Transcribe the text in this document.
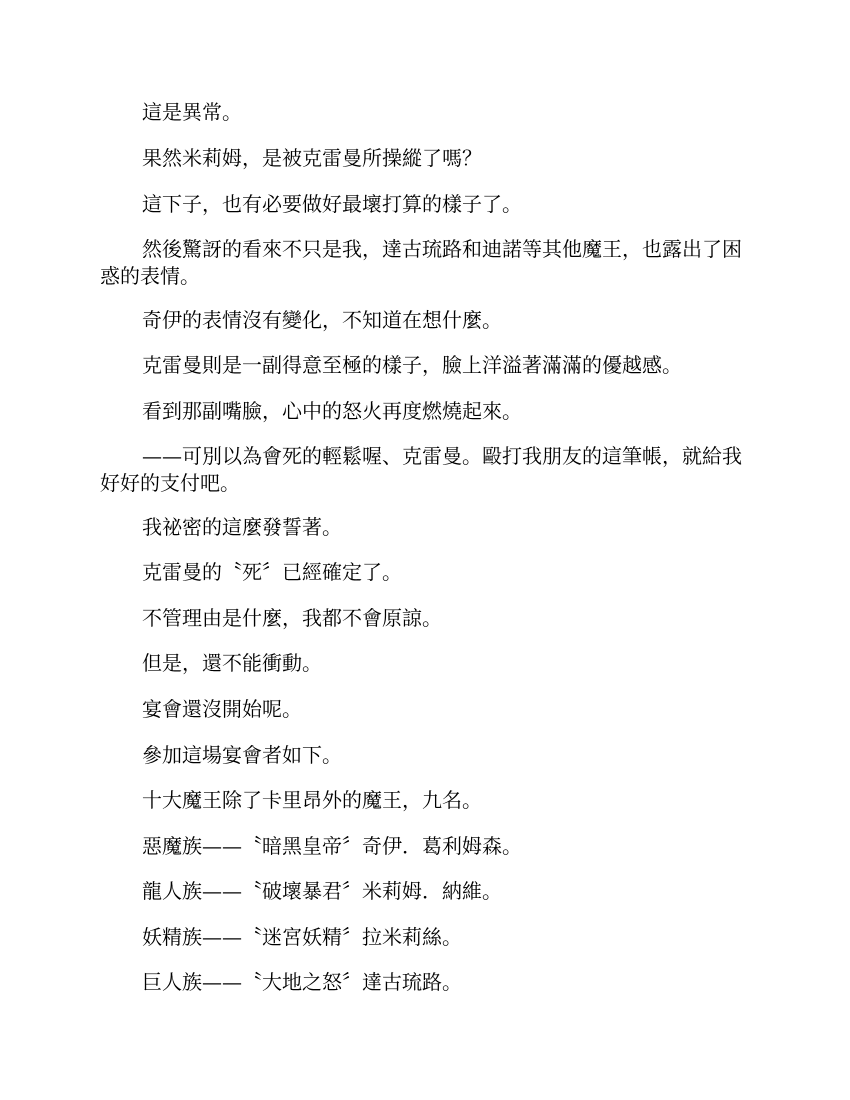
這是異常。

果然米莉姆，是被克雷曼所操縱了嗎？

這下子，也有必要做好最壞打算的樣子了。

然後驚訝的看來不只是我，達古琉路和迪諾等其他魔王，也露出了困惑的表情。

奇伊的表情沒有變化，不知道在想什麼。

克雷曼則是一副得意至極的樣子，臉上洋溢著滿滿的優越感。

看到那副嘴臉，心中的怒火再度燃燒起來。

——可別以為會死的輕鬆喔、克雷曼。毆打我朋友的這筆帳，就給我好好的支付吧。

我祕密的這麼發誓著。

克雷曼的〝死〞已經確定了。

不管理由是什麼，我都不會原諒。

但是，還不能衝動。

宴會還沒開始呢。

參加這場宴會者如下。

十大魔王除了卡里昂外的魔王，九名。

惡魔族——〝暗黑皇帝〞奇伊．葛利姆森。

龍人族——〝破壞暴君〞米莉姆．納維。

妖精族——〝迷宮妖精〞拉米莉絲。

巨人族——〝大地之怒〞達古琉路。
